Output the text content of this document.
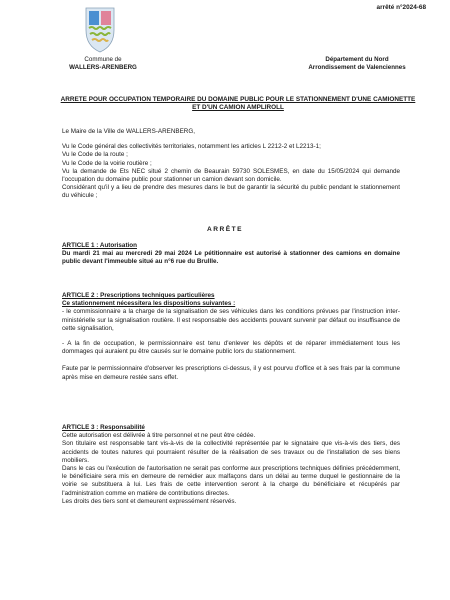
arrêté n°2024-68
Commune de
WALLERS-ARENBERG
Département du Nord
Arrondissement de Valenciennes
ARRETE POUR OCCUPATION TEMPORAIRE DU DOMAINE PUBLIC POUR LE STATIONNEMENT D'UNE CAMIONETTE ET D'UN CAMION AMPLIROLL

Le Maire de la Ville de WALLERS-ARENBERG,

Vu le Code général des collectivités territoriales, notamment les articles L 2212-2 et L2213-1;

Vu le Code de la route ;

Vu le Code de la voirie routière ;

Vu la demande de Ets NEC situé 2 chemin de Beaurain 59730 SOLESMES, en date du 15/05/2024 qui demande l'occupation du domaine public pour stationner un camion devant son domicile.

Considérant qu'il y a lieu de prendre des mesures dans le but de garantir la sécurité du public pendant le stationnement du véhicule ;

ARRÊTE

ARTICLE 1 : Autorisation

Du mardi 21 mai au mercredi 29 mai 2024 Le pétitionnaire est autorisé à stationner des camions en domaine public devant l'immeuble situé au n°6 rue du Brullle.

ARTICLE 2 : Prescriptions techniques particulières

Ce stationnement nécessitera les dispositions suivantes :

- le commissionnaire a la charge de la signalisation de ses véhicules dans les conditions prévues par l'instruction inter-ministérielle sur la signalisation routière. Il est responsable des accidents pouvant survenir par défaut ou insuffisance de cette signalisation,

- A la fin de occupation, le permissionnaire est tenu d'enlever les dépôts et de réparer immédiatement tous les dommages qui auraient pu être causés sur le domaine public lors du stationnement.

Faute par le permissionnaire d'observer les prescriptions ci-dessus, il y est pourvu d'office et à ses frais par la commune après mise en demeure restée sans effet.

ARTICLE 3 : Responsabilité

Cette autorisation est délivrée à titre personnel et ne peut être cédée.

Son titulaire est responsable tant vis-à-vis de la collectivité représentée par le signataire que vis-à-vis des tiers, des accidents de toutes natures qui pourraient résulter de la réalisation de ses travaux ou de l'installation de ses biens mobiliers.

Dans le cas ou l'exécution de l'autorisation ne serait pas conforme aux prescriptions techniques définies précédemment, le bénéficiaire sera mis en demeure de remédier aux malfaçons dans un délai au terme duquel le gestionnaire de la voirie se substituera à lui. Les frais de cette intervention seront à la charge du bénéficiaire et récupérés par l'administration comme en matière de contributions directes.

Les droits des tiers sont et demeurent expressément réservés.
